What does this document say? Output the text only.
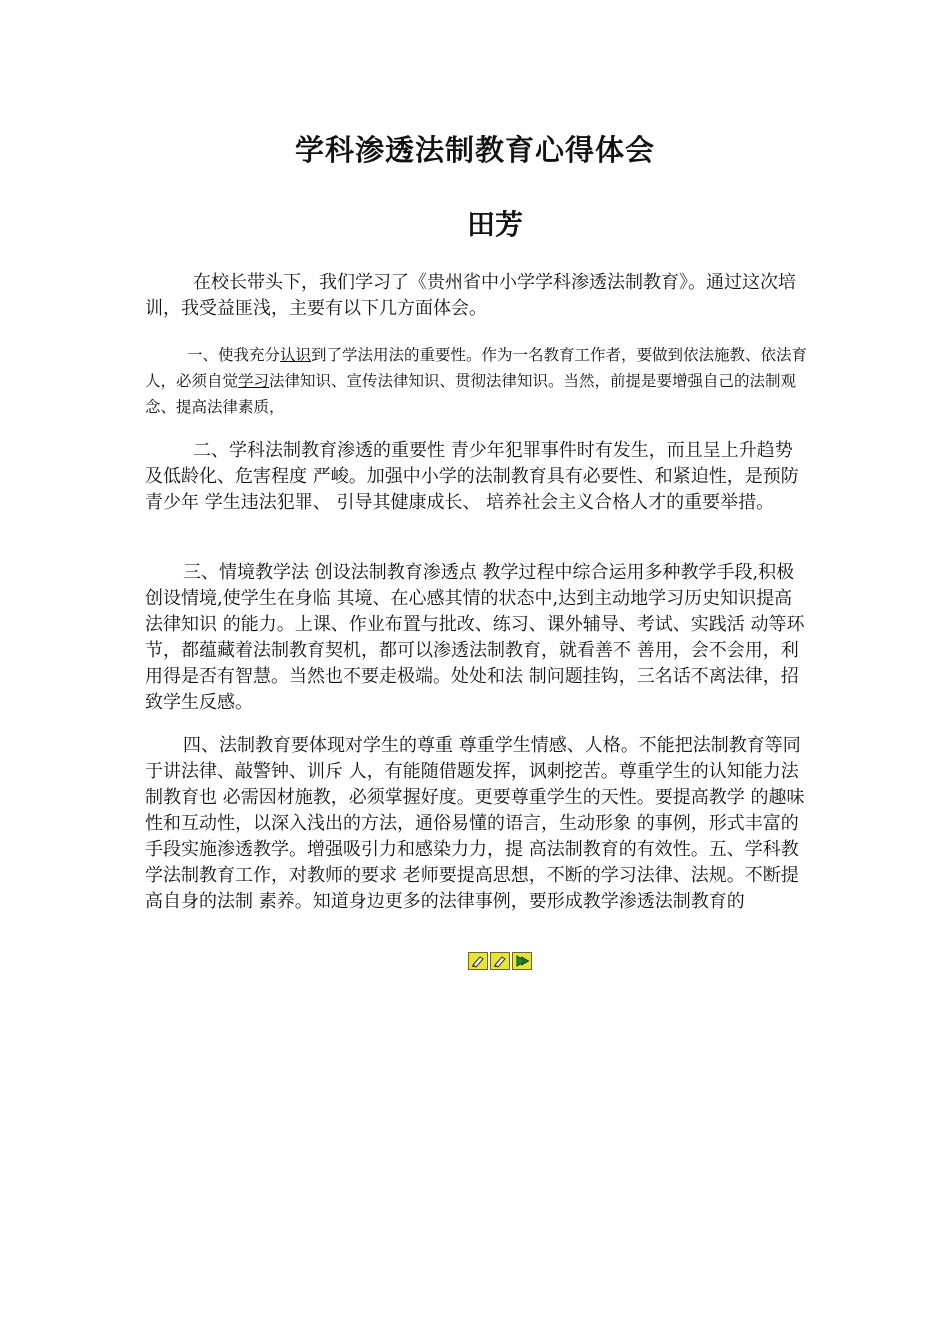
学科渗透法制教育心得体会
田芳

在校长带头下，我们学习了《贵州省中小学学科渗透法制教育》。通过这次培训，我受益匪浅，主要有以下几方面体会。

一、使我充分认识到了学法用法的重要性。作为一名教育工作者，要做到依法施教、依法育人，必须自觉学习法律知识、宣传法律知识、贯彻法律知识。当然，前提是要增强自己的法制观念、提高法律素质，

二、学科法制教育渗透的重要性 青少年犯罪事件时有发生，而且呈上升趋势及低龄化、危害程度 严峻。加强中小学的法制教育具有必要性、和紧迫性，是预防青少年 学生违法犯罪、 引导其健康成长、 培养社会主义合格人才的重要举措。

三、情境教学法 创设法制教育渗透点 教学过程中综合运用多种教学手段,积极创设情境,使学生在身临 其境、在心感其情的状态中,达到主动地学习历史知识提高法律知识 的能力。上课、作业布置与批改、练习、课外辅导、考试、实践活 动等环节，都蕴藏着法制教育契机，都可以渗透法制教育，就看善不 善用，会不会用，利用得是否有智慧。当然也不要走极端。处处和法 制问题挂钩，三名话不离法律，招致学生反感。

四、法制教育要体现对学生的尊重 尊重学生情感、人格。不能把法制教育等同于讲法律、敲警钟、训斥 人，有能随借题发挥，讽刺挖苦。尊重学生的认知能力法制教育也 必需因材施教，必须掌握好度。更要尊重学生的天性。要提高教学 的趣味性和互动性，以深入浅出的方法，通俗易懂的语言，生动形象 的事例，形式丰富的手段实施渗透教学。增强吸引力和感染力力，提 高法制教育的有效性。五、学科教学法制教育工作，对教师的要求 老师要提高思想，不断的学习法律、法规。不断提高自身的法制 素养。知道身边更多的法律事例，要形成教学渗透法制教育的
